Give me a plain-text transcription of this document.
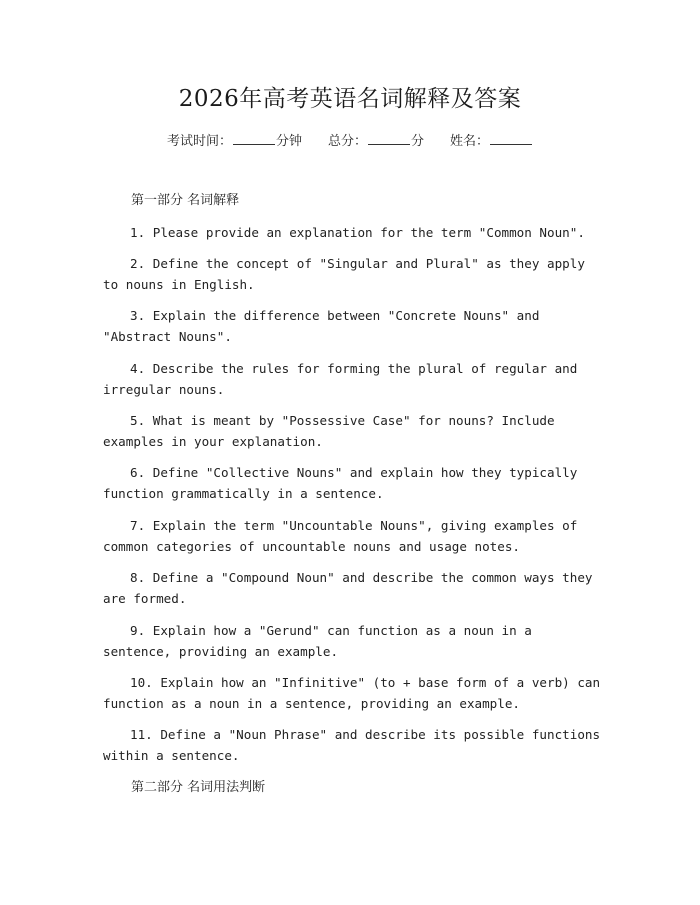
2026年高考英语名词解释及答案
考试时间：	分钟 总分：	分 姓名：
第一部分 名词解释
1. Please provide an explanation for the term "Common Noun".
2. Define the concept of "Singular and Plural" as they apply to nouns in English.
3. Explain the difference between "Concrete Nouns" and "Abstract Nouns".
4. Describe the rules for forming the plural of regular and irregular nouns.
5. What is meant by "Possessive Case" for nouns? Include examples in your explanation.
6. Define "Collective Nouns" and explain how they typically function grammatically in a sentence.
7. Explain the term "Uncountable Nouns", giving examples of common categories of uncountable nouns and usage notes.
8. Define a "Compound Noun" and describe the common ways they are formed.
9. Explain how a "Gerund" can function as a noun in a sentence, providing an example.
10. Explain how an "Infinitive" (to + base form of a verb) can function as a noun in a sentence, providing an example.
11. Define a "Noun Phrase" and describe its possible functions within a sentence.
第二部分 名词用法判断
